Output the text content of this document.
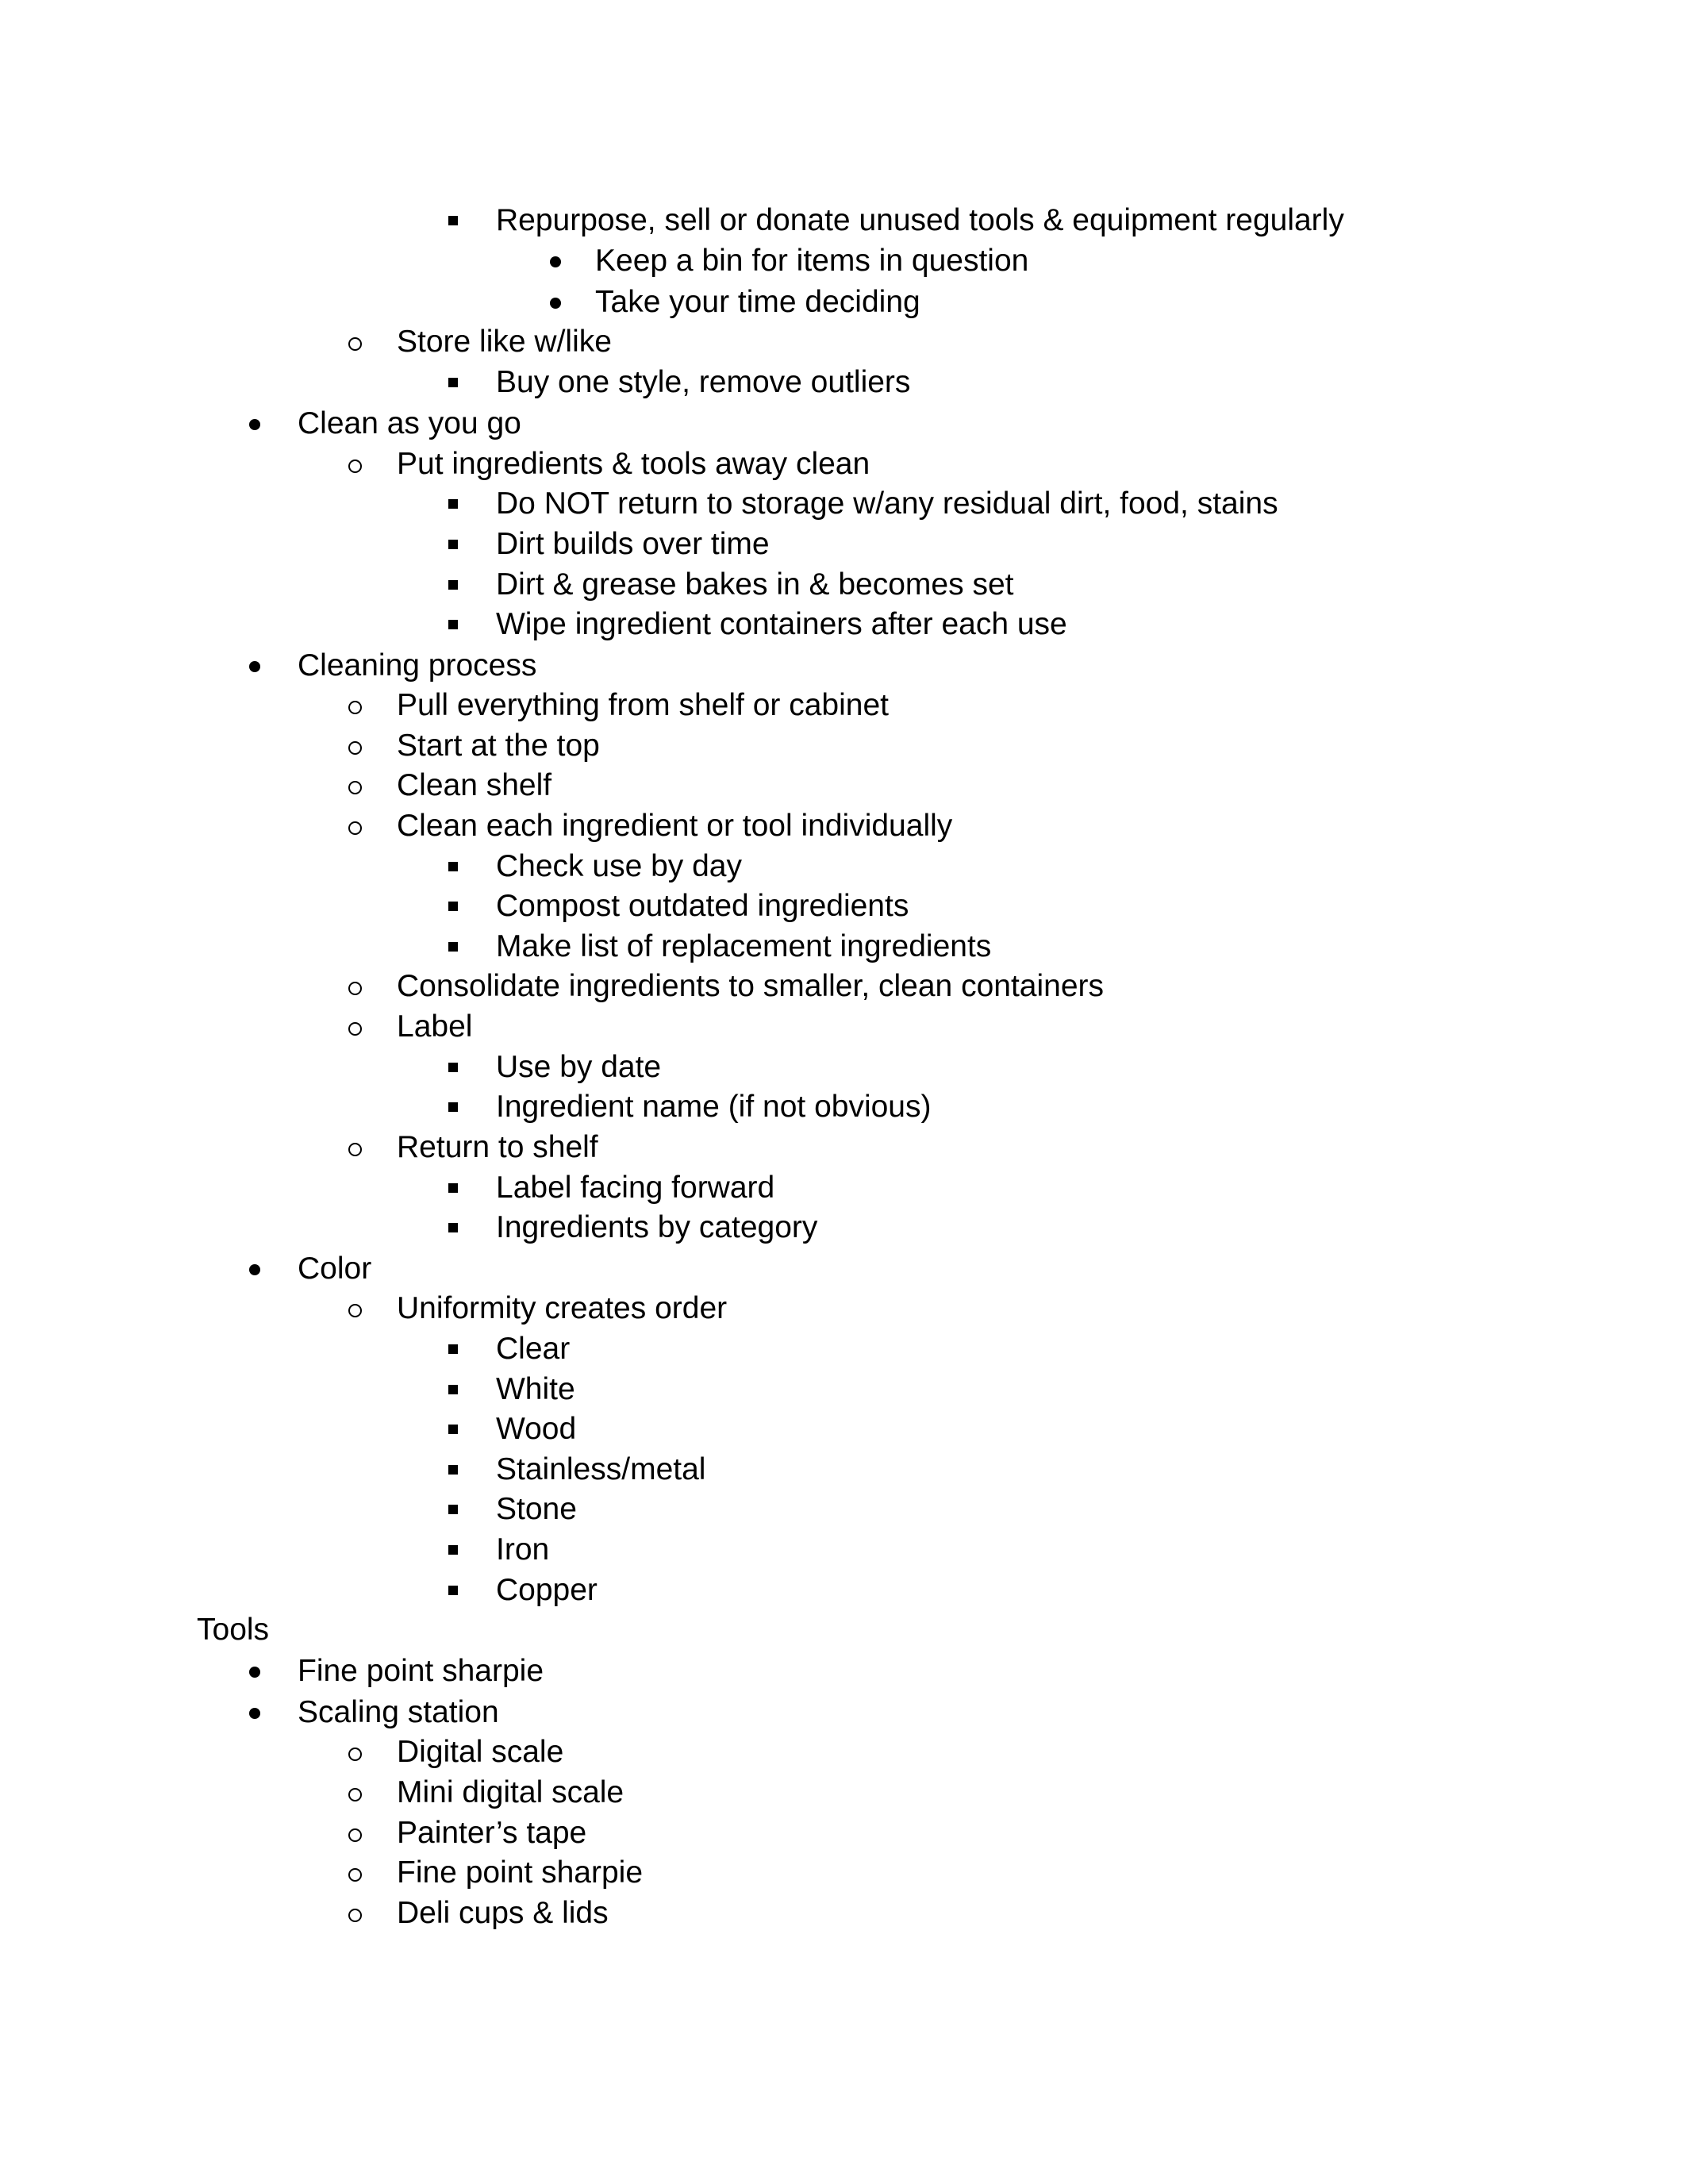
Repurpose, sell or donate unused tools & equipment regularly
Keep a bin for items in question
Take your time deciding
Store like w/like
Buy one style, remove outliers
Clean as you go
Put ingredients & tools away clean
Do NOT return to storage w/any residual dirt, food, stains
Dirt builds over time
Dirt & grease bakes in & becomes set
Wipe ingredient containers after each use
Cleaning process
Pull everything from shelf or cabinet
Start at the top
Clean shelf
Clean each ingredient or tool individually
Check use by day
Compost outdated ingredients
Make list of replacement ingredients
Consolidate ingredients to smaller, clean containers
Label
Use by date
Ingredient name (if not obvious)
Return to shelf
Label facing forward
Ingredients by category
Color
Uniformity creates order
Clear
White
Wood
Stainless/metal
Stone
Iron
Copper
Tools
Fine point sharpie
Scaling station
Digital scale
Mini digital scale
Painter’s tape
Fine point sharpie
Deli cups & lids
